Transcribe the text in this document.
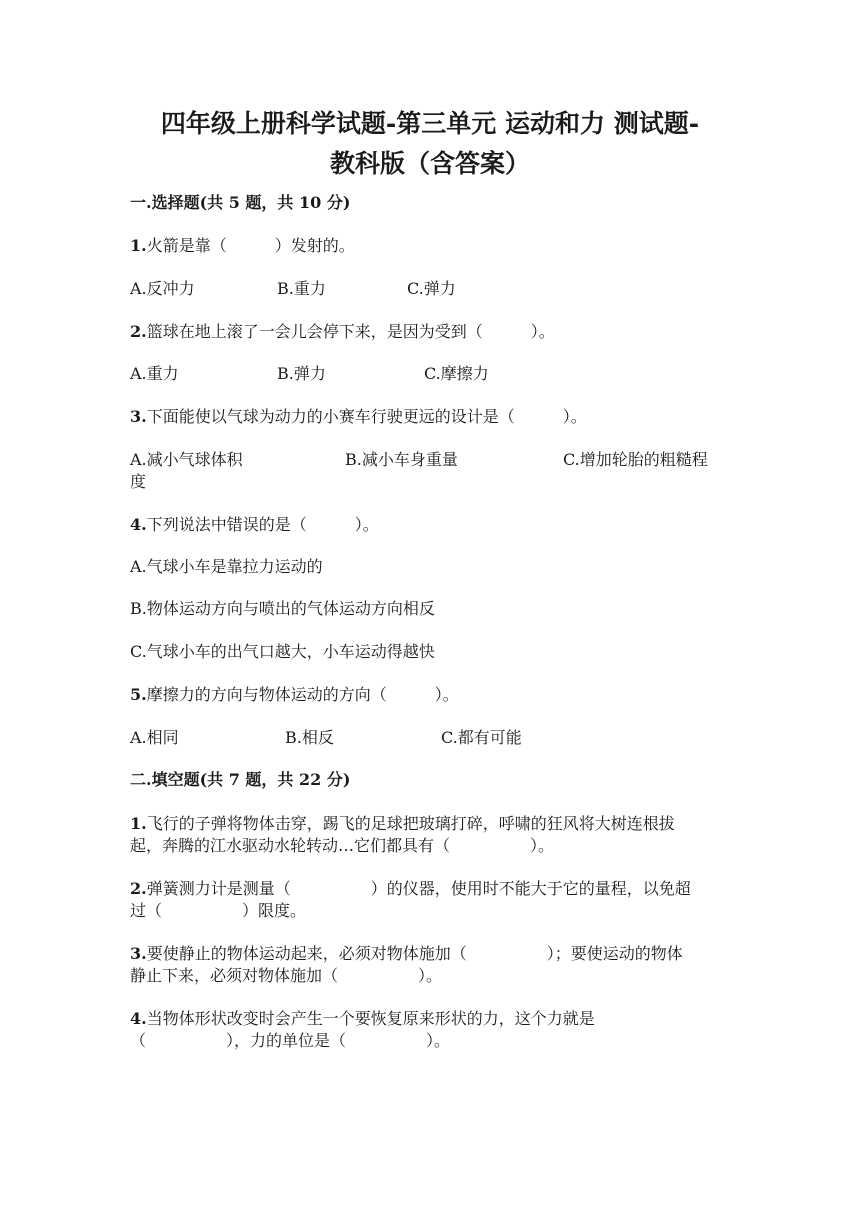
四年级上册科学试题-第三单元 运动和力 测试题-
教科版（含答案）
一.选择题(共 5 题，共 10 分)
1.火箭是靠（　　　）发射的。
A.反冲力	B.重力	C.弹力
2.篮球在地上滚了一会儿会停下来，是因为受到（　　　）。
A.重力	B.弹力	C.摩擦力
3.下面能使以气球为动力的小赛车行驶更远的设计是（　　　）。
A.减小气球体积	B.减小车身重量	C.增加轮胎的粗糙程
度
4.下列说法中错误的是（　　　）。
A.气球小车是靠拉力运动的
B.物体运动方向与喷出的气体运动方向相反
C.气球小车的出气口越大，小车运动得越快
5.摩擦力的方向与物体运动的方向（　　　）。
A.相同	B.相反	C.都有可能
二.填空题(共 7 题，共 22 分)
1.飞行的子弹将物体击穿，踢飞的足球把玻璃打碎，呼啸的狂风将大树连根拔
起，奔腾的江水驱动水轮转动…它们都具有（　　　　　）。
2.弹簧测力计是测量（　　　　　）的仪器，使用时不能大于它的量程，以免超
过（　　　　　）限度。
3.要使静止的物体运动起来，必须对物体施加（　　　　　）；要使运动的物体
静止下来，必须对物体施加（　　　　　）。
4.当物体形状改变时会产生一个要恢复原来形状的力，这个力就是
（　　　　　），力的单位是（　　　　　）。
